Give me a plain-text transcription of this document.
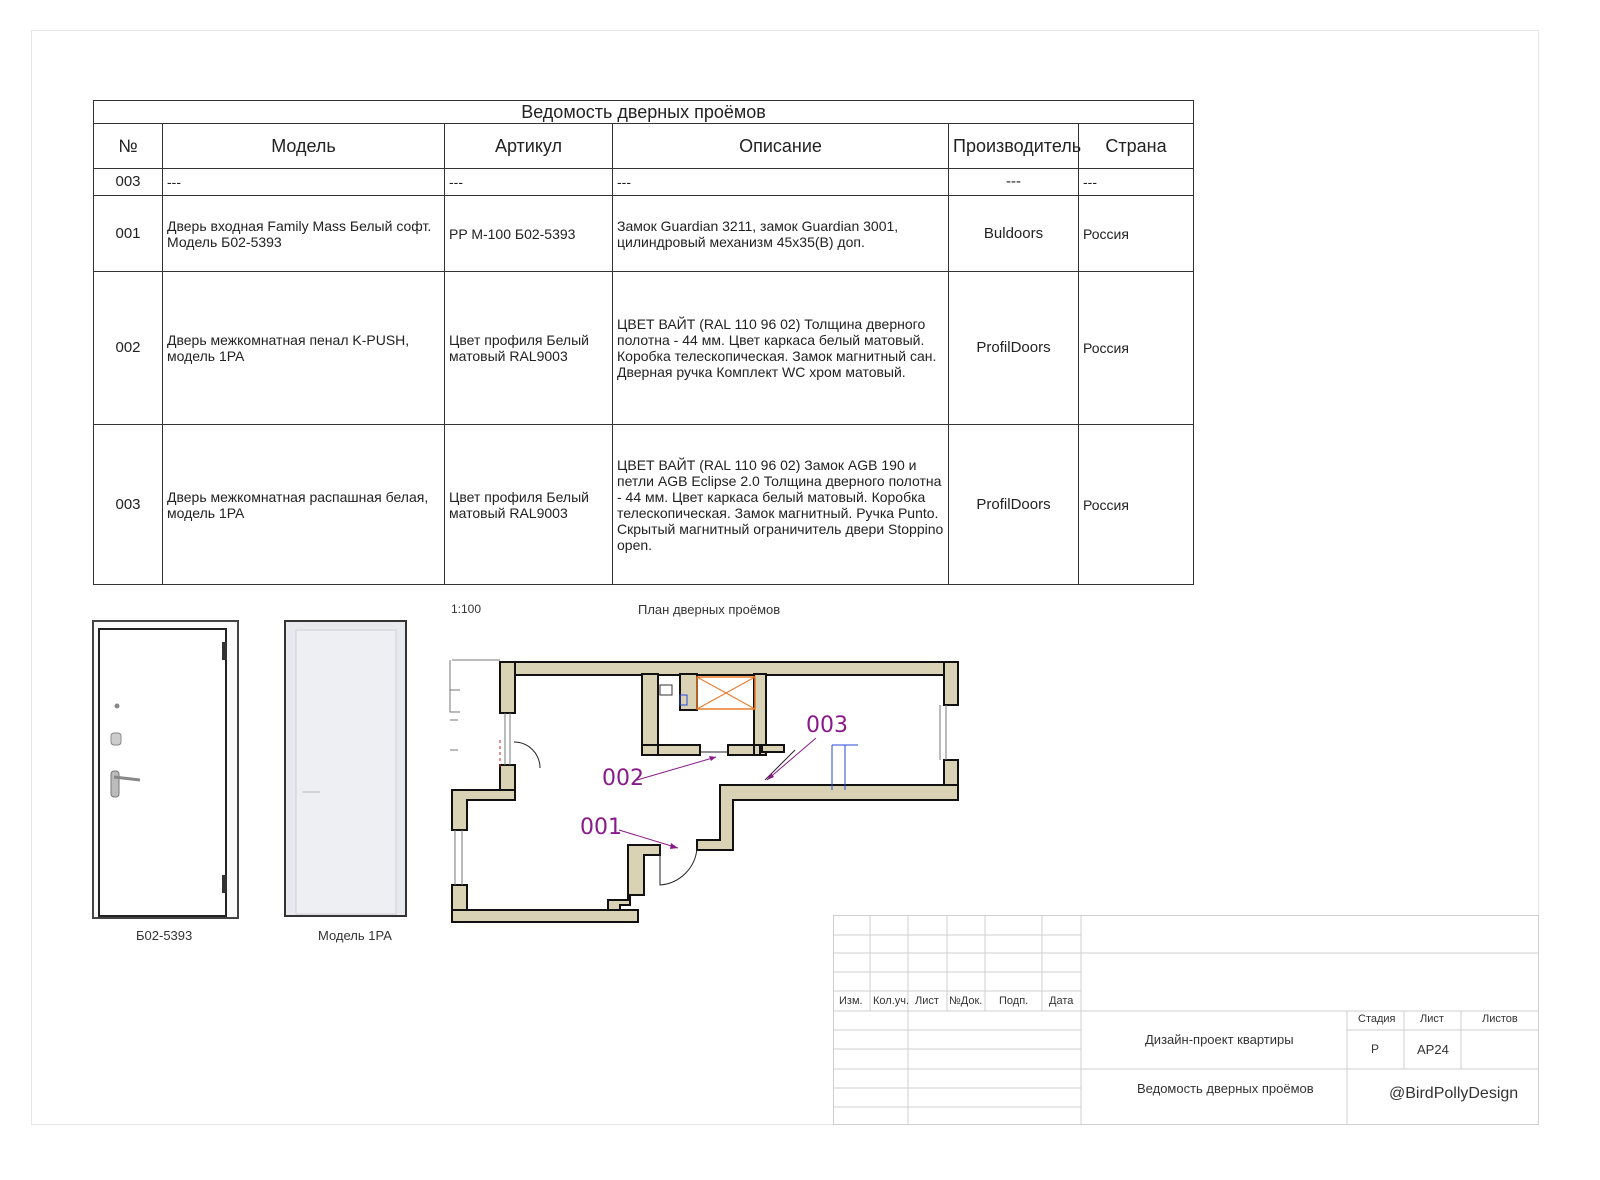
Ведомость дверных проёмов					
№	Модель	Артикул	Описание	Производитель	Страна
003	---	---	---	---	---
001	Дверь входная Family Mass Белый софт. Модель Б02-5393	PP M-100 Б02-5393	Замок Guardian 3211, замок Guardian 3001, цилиндровый механизм 45x35(B) доп.	Buldoors	Россия
002	Дверь межкомнатная пенал K-PUSH, модель 1PA	Цвет профиля Белый матовый RAL9003	ЦВЕТ ВАЙТ (RAL 110 96 02) Толщина дверного полотна - 44 мм. Цвет каркаса белый матовый. Коробка телескопическая. Замок магнитный сан. Дверная ручка Комплект WC хром матовый.	ProfilDoors	Россия
003	Дверь межкомнатная распашная белая, модель 1PA	Цвет профиля Белый матовый RAL9003	ЦВЕТ ВАЙТ (RAL 110 96 02) Замок AGB 190 и петли AGB Eclipse 2.0 Толщина дверного полотна - 44 мм. Цвет каркаса белый матовый. Коробка телескопическая. Замок магнитный. Ручка Punto. Скрытый магнитный ограничитель двери Stoppino open.	ProfilDoors	Россия
Б02-5393	Модель 1PA
1:100	План дверных проёмов
002
001
003
Изм. Кол.уч. Лист №Док. Подп. Дата
Дизайн-проект квартиры
Ведомость дверных проёмов
Стадия Лист	Листов
Р	AP24
@BirdPollyDesign
